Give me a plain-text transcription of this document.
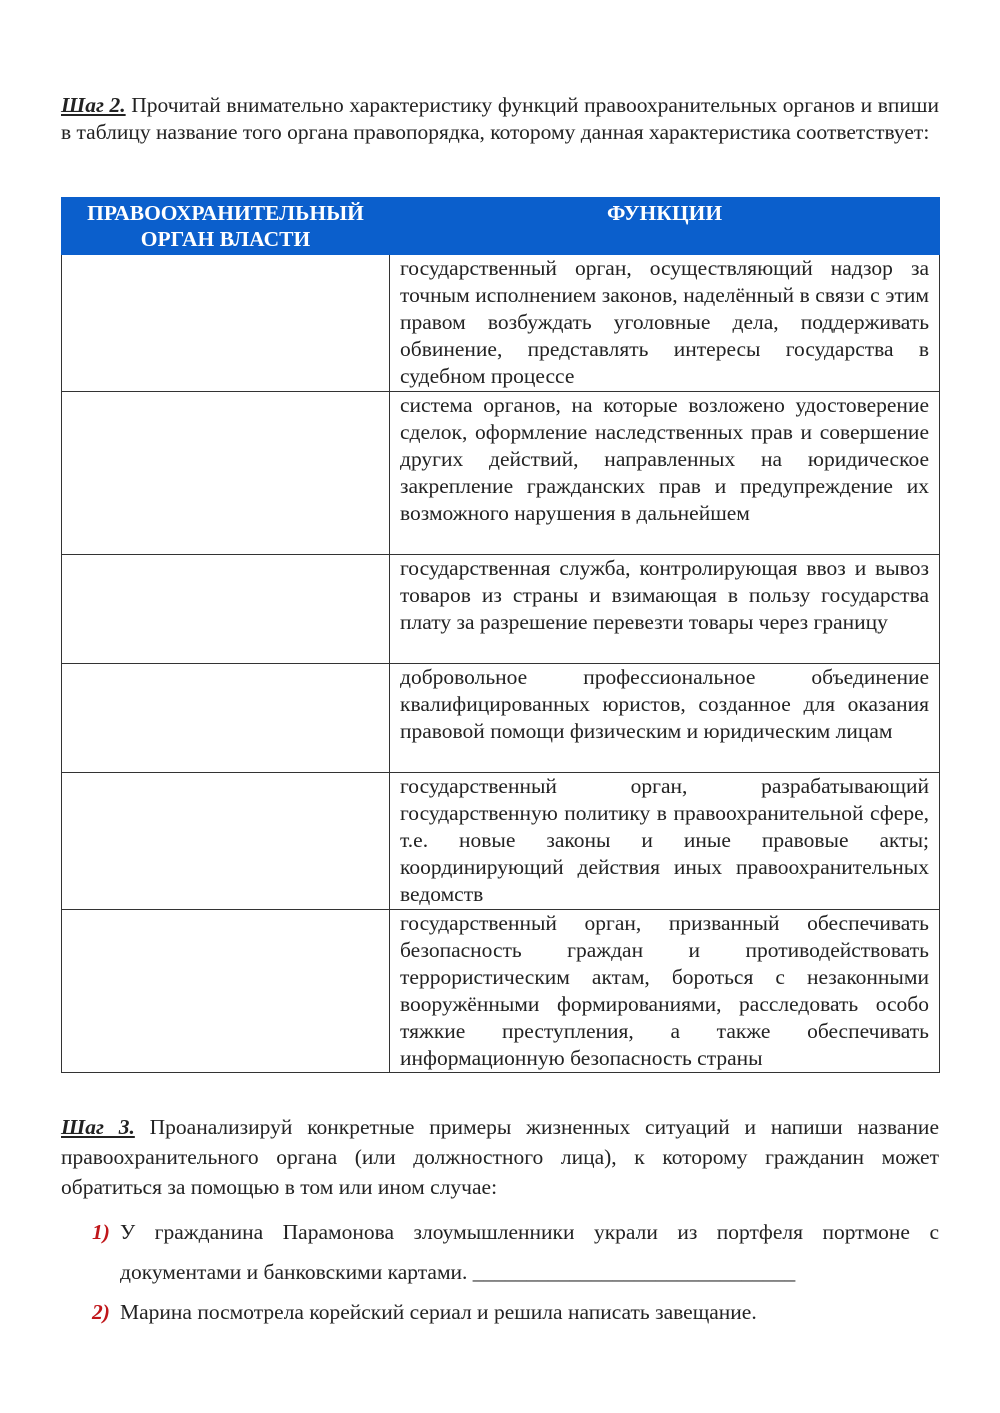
Шаг 2. Прочитай внимательно характеристику функций правоохранительных органов и впиши в таблицу название того органа правопорядка, которому данная характеристика соответствует:

ПРАВООХРАНИТЕЛЬНЫЙ ОРГАН ВЛАСТИ	ФУНКЦИИ
	государственный орган, осуществляющий надзор за точным исполнением законов, наделённый в связи с этим правом возбуждать уголовные дела, поддерживать обвинение, представлять интересы государства в судебном процессе
	система органов, на которые возложено удостоверение сделок, оформление наследственных прав и совершение других действий, направленных на юридическое закрепление гражданских прав и предупреждение их возможного нарушения в дальнейшем
	государственная служба, контролирующая ввоз и вывоз товаров из страны и взимающая в пользу государства плату за разрешение перевезти товары через границу
	добровольное профессиональное объединение квалифицированных юристов, созданное для оказания правовой помощи физическим и юридическим лицам
	государственный орган, разрабатывающий государственную политику в правоохранительной сфере, т.е. новые законы и иные правовые акты; координирующий действия иных правоохранительных ведомств
	государственный орган, призванный обеспечивать безопасность граждан и противодействовать террористическим актам, бороться с незаконными вооружёнными формированиями, расследовать особо тяжкие преступления, а также обеспечивать информационную безопасность страны

Шаг 3. Проанализируй конкретные примеры жизненных ситуаций и напиши название правоохранительного органа (или должностного лица), к которому гражданин может обратиться за помощью в том или ином случае:

1) У гражданина Парамонова злоумышленники украли из портфеля портмоне с документами и банковскими картами. ______________________________
2) Марина посмотрела корейский сериал и решила написать завещание.
